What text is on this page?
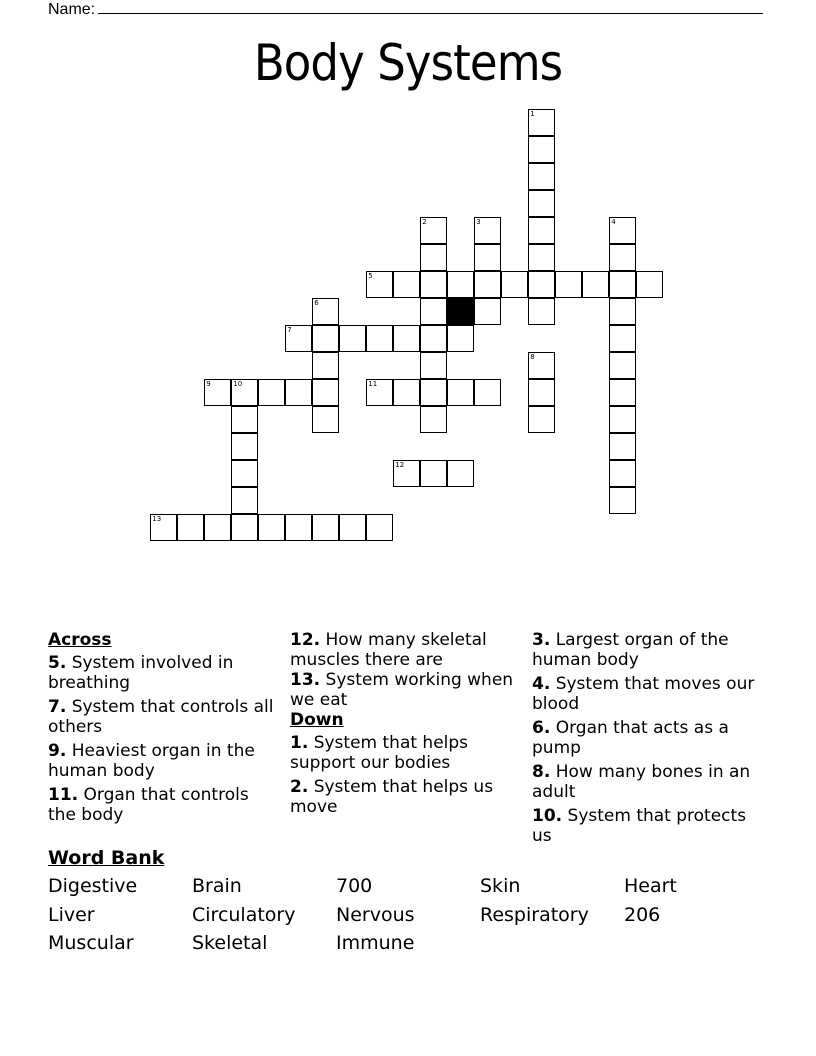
Name:
Body Systems
1
2	3	4
5
6
7
8
9	10	11
12
13
Across
5. System involved in breathing
7. System that controls all others
9. Heaviest organ in the human body
11. Organ that controls the body
12. How many skeletal muscles there are
13. System working when we eat
Down
1. System that helps support our bodies
2. System that helps us move
3. Largest organ of the human body
4. System that moves our blood
6. Organ that acts as a pump
8. How many bones in an adult
10. System that protects us
Word Bank
Digestive	Brain	700	Skin	Heart
Liver	Circulatory	Nervous	Respiratory	206
Muscular	Skeletal	Immune
